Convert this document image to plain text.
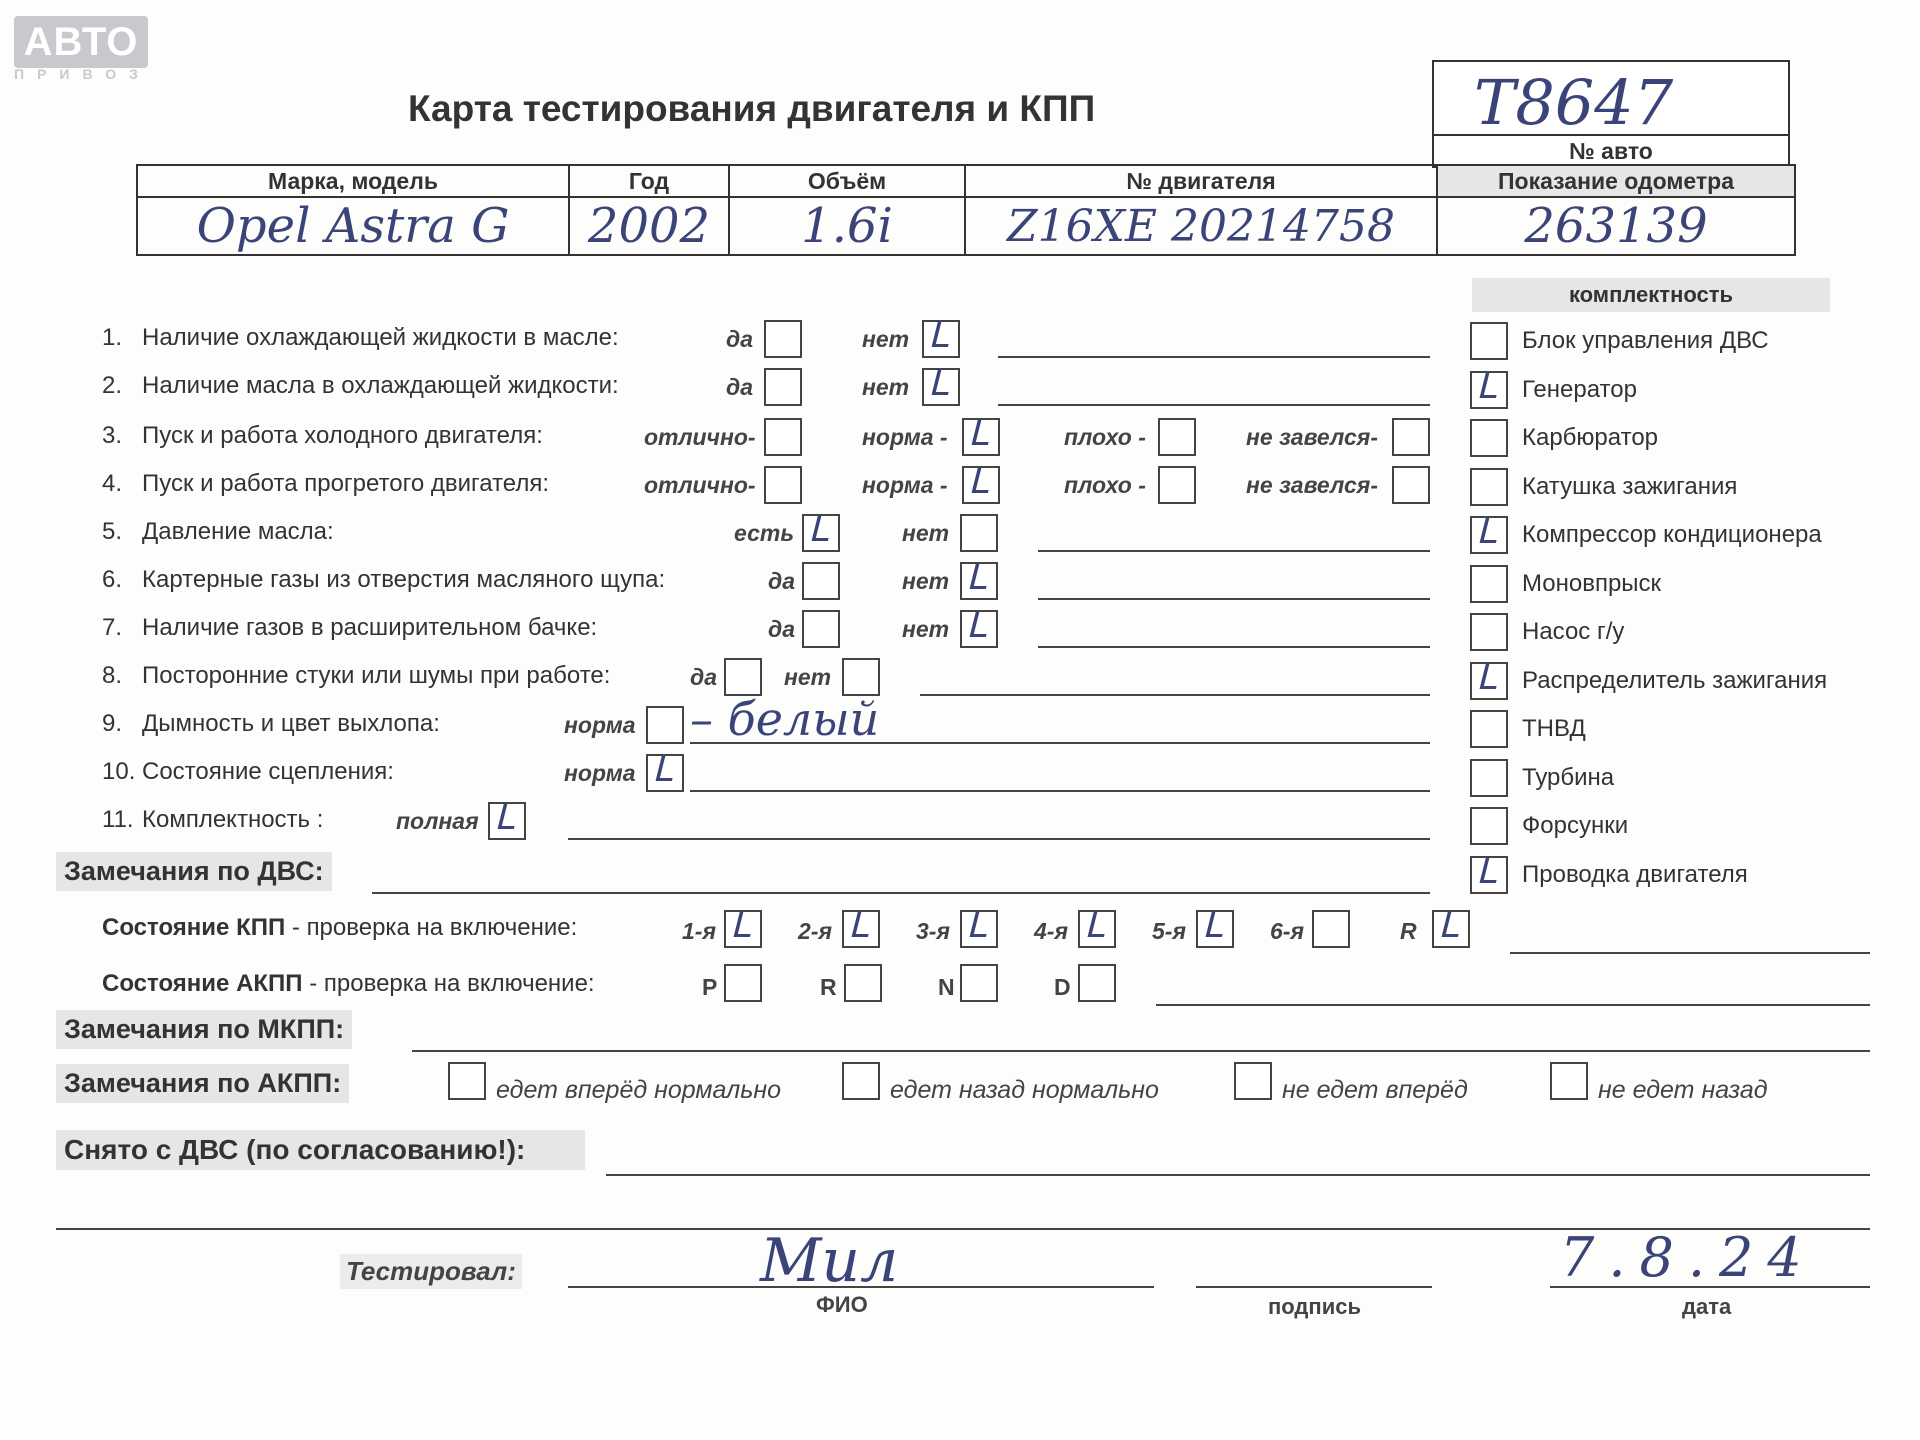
АВТО
ПРИВОЗ
Карта тестирования двигателя и КПП	Т8647
№ авто
Марка, модель	Год	Объём	№ двигателя	Показание одометра
Opel Astra G	2002	1.6i	Z16XE 20214758	263139
комплектность
Блок управления ДВС
ᒪ Генератор
Карбюратор
Катушка зажигания
ᒪ Компрессор кондиционера
Моновпрыск
Насос г/у
ᒪ Распределитель зажигания
ТНВД
Турбина
Форсунки
ᒪ Проводка двигателя
1. Наличие охлаждающей жидкости в масле:	да	нет ᒪ
2. Наличие масла в охлаждающей жидкости:	да	нет ᒪ
3. Пуск и работа холодного двигателя:	отлично-	норма - ᒪ	плохо -	не завелся-
4. Пуск и работа прогретого двигателя:	отлично-	норма - ᒪ	плохо -	не завелся-
5. Давление масла:	есть ᒪ	нет
6. Картерные газы из отверстия масляного щупа:	да	нет ᒪ
7. Наличие газов в расширительном бачке:	да	нет ᒪ
8. Посторонние стуки или шумы при работе:	да	нет
9. Дымность и цвет выхлопа:	норма – белый
10. Состояние сцепления:	норма ᒪ
11. Комплектность :	полная ᒪ
Замечания по ДВС:
Состояние КПП - проверка на включение:	1-я ᒪ 2-я ᒪ 3-я ᒪ 4-я ᒪ 5-я ᒪ 6-я	R ᒪ
Состояние АКПП - проверка на включение:	P	R	N	D
Замечания по МКПП:
Замечания по АКПП:	едет вперёд нормально	едет назад нормально	не едет вперёд	не едет назад
Снято с ДВС (по согласованию!):
Тестировал:	Мил
ФИО	подпись
7.8.24
дата
